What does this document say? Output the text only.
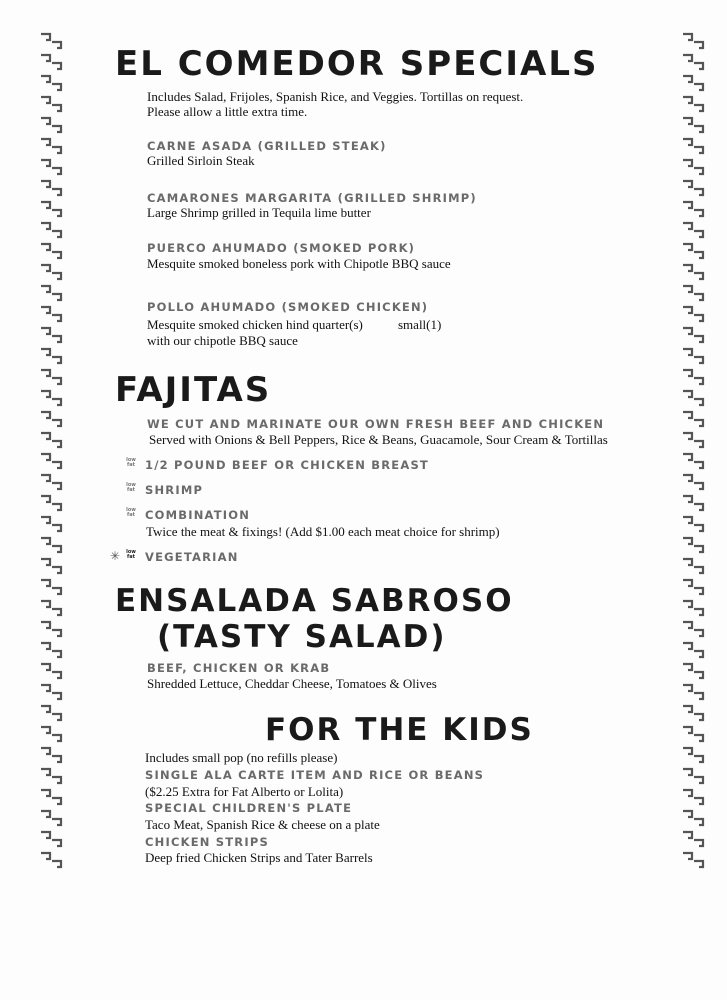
EL COMEDOR SPECIALS
Includes Salad, Frijoles, Spanish Rice, and Veggies. Tortillas on request.
Please allow a little extra time.
CARNE ASADA (GRILLED STEAK)
Grilled Sirloin Steak
CAMARONES MARGARITA (GRILLED SHRIMP)
Large Shrimp grilled in Tequila lime butter
PUERCO AHUMADO (SMOKED PORK)
Mesquite smoked boneless pork with Chipotle BBQ sauce
POLLO AHUMADO (SMOKED CHICKEN)
Mesquite smoked chicken hind quarter(s)	small(1)
with our chipotle BBQ sauce
FAJITAS
WE CUT AND MARINATE OUR OWN FRESH BEEF AND CHICKEN
Served with Onions & Bell Peppers, Rice & Beans, Guacamole, Sour Cream & Tortillas
low
fat 1/2 POUND BEEF OR CHICKEN BREAST
low
fat SHRIMP
low
fat COMBINATION
Twice the meat & fixings! (Add $1.00 each meat choice for shrimp)
✳	low
fat VEGETARIAN
ENSALADA SABROSO
(TASTY SALAD)
BEEF, CHICKEN OR KRAB
Shredded Lettuce, Cheddar Cheese, Tomatoes & Olives
FOR THE KIDS
Includes small pop (no refills please)
SINGLE ALA CARTE ITEM AND RICE OR BEANS
($2.25 Extra for Fat Alberto or Lolita)
SPECIAL CHILDREN'S PLATE
Taco Meat, Spanish Rice & cheese on a plate
CHICKEN STRIPS
Deep fried Chicken Strips and Tater Barrels
